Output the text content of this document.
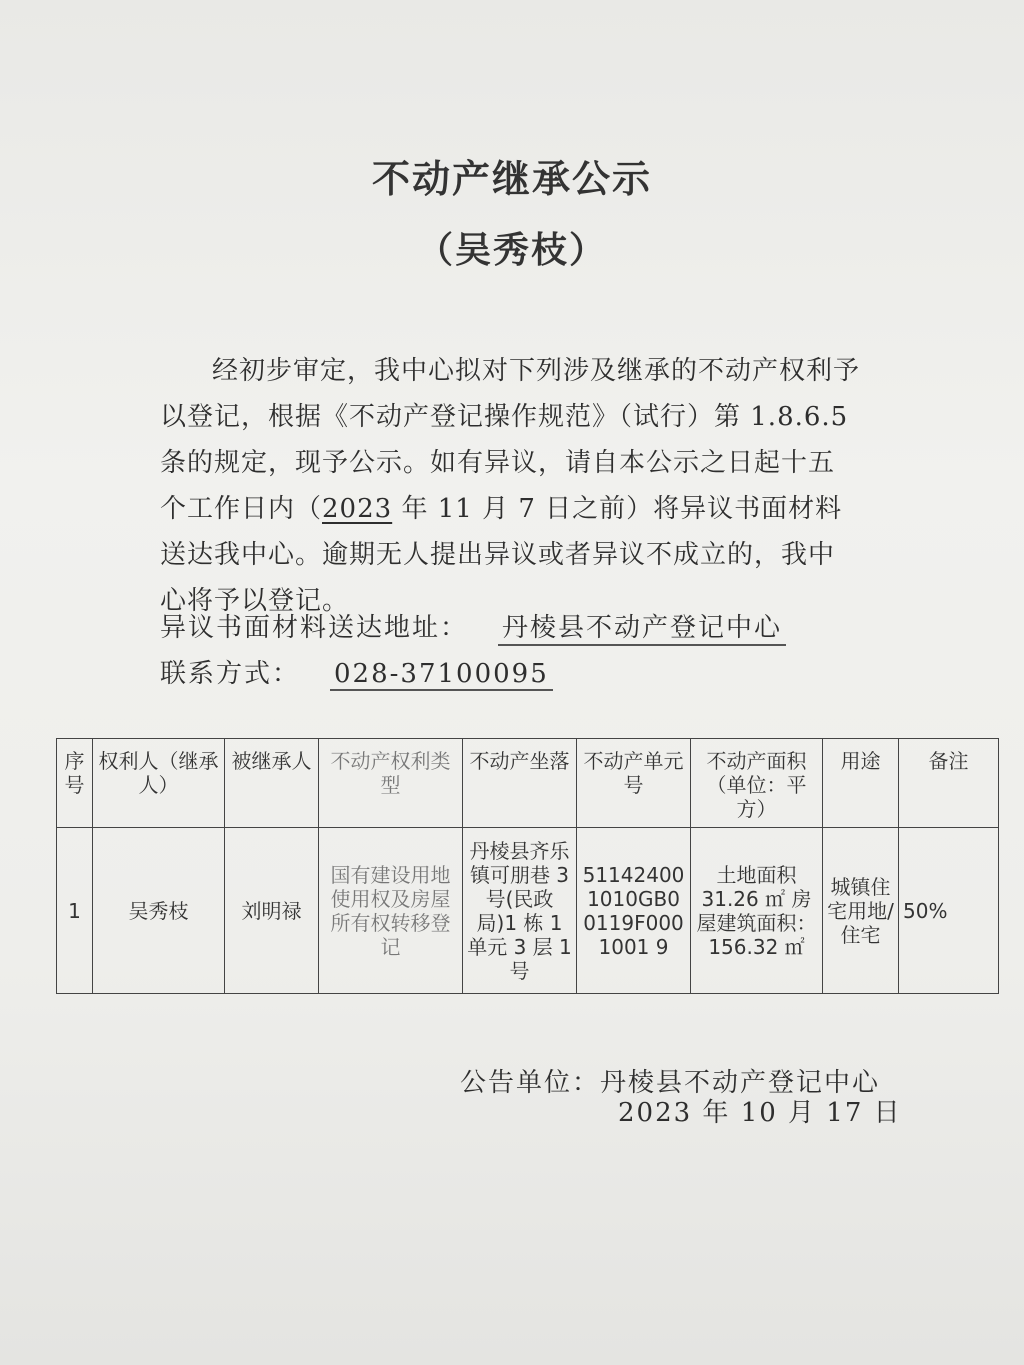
不动产继承公示
（吴秀枝）
经初步审定，我中心拟对下列涉及继承的不动产权利予以登记，根据《不动产登记操作规范》（试行）第 1.8.6.5 条的规定，现予公示。如有异议，请自本公示之日起十五个工作日内（2023 年 11 月 7 日之前）将异议书面材料送达我中心。逾期无人提出异议或者异议不成立的，我中心将予以登记。
异议书面材料送达地址： 丹棱县不动产登记中心
联系方式： 028-37100095
序号	权利人（继承人）	被继承人	不动产权利类型	不动产坐落	不动产单元号	不动产面积（单位：平方）	用途	备注
1	吴秀枝	刘明禄	国有建设用地使用权及房屋所有权转移登记	丹棱县齐乐镇可朋巷 3 号(民政局)1 栋 1 单元 3 层 1 号	511424001010GB00119F0001001 9	土地面积 31.26 ㎡ 房屋建筑面积：156.32 ㎡	城镇住宅用地/住宅	50%
公告单位：丹棱县不动产登记中心
2023 年 10 月 17 日
